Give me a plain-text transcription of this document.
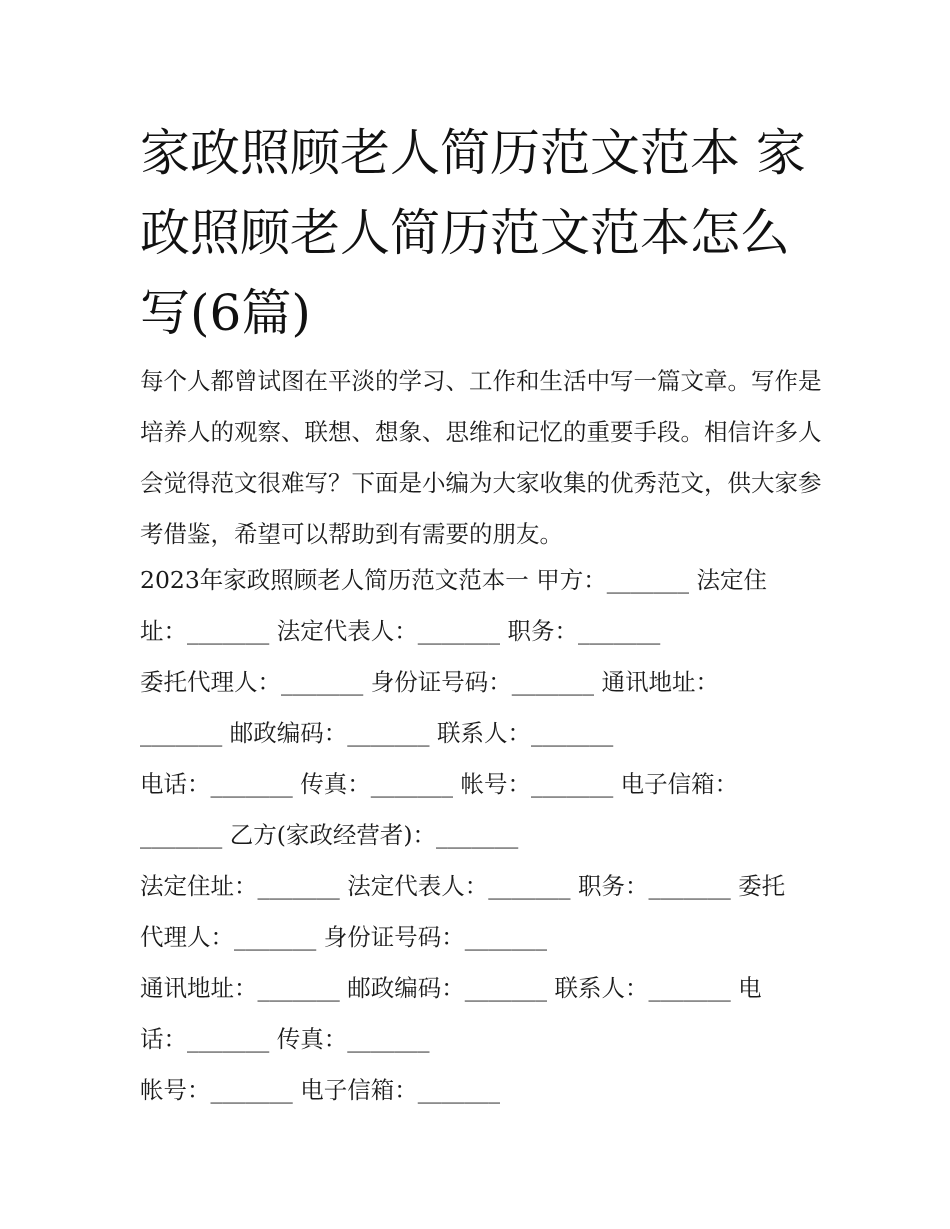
家政照顾老人简历范文范本 家政照顾老人简历范文范本怎么写(6篇)

每个人都曾试图在平淡的学习、工作和生活中写一篇文章。写作是培养人的观察、联想、想象、思维和记忆的重要手段。相信许多人会觉得范文很难写？下面是小编为大家收集的优秀范文，供大家参考借鉴，希望可以帮助到有需要的朋友。

2023年家政照顾老人简历范文范本一 甲方：_______ 法定住
址：_______ 法定代表人：_______ 职务：_______
委托代理人：_______ 身份证号码：_______ 通讯地址：
_______ 邮政编码：_______ 联系人：_______
电话：_______ 传真：_______ 帐号：_______ 电子信箱：
_______ 乙方(家政经营者)：_______
法定住址：_______ 法定代表人：_______ 职务：_______ 委托
代理人：_______ 身份证号码：_______
通讯地址：_______ 邮政编码：_______ 联系人：_______ 电
话：_______ 传真：_______
帐号：_______ 电子信箱：_______
